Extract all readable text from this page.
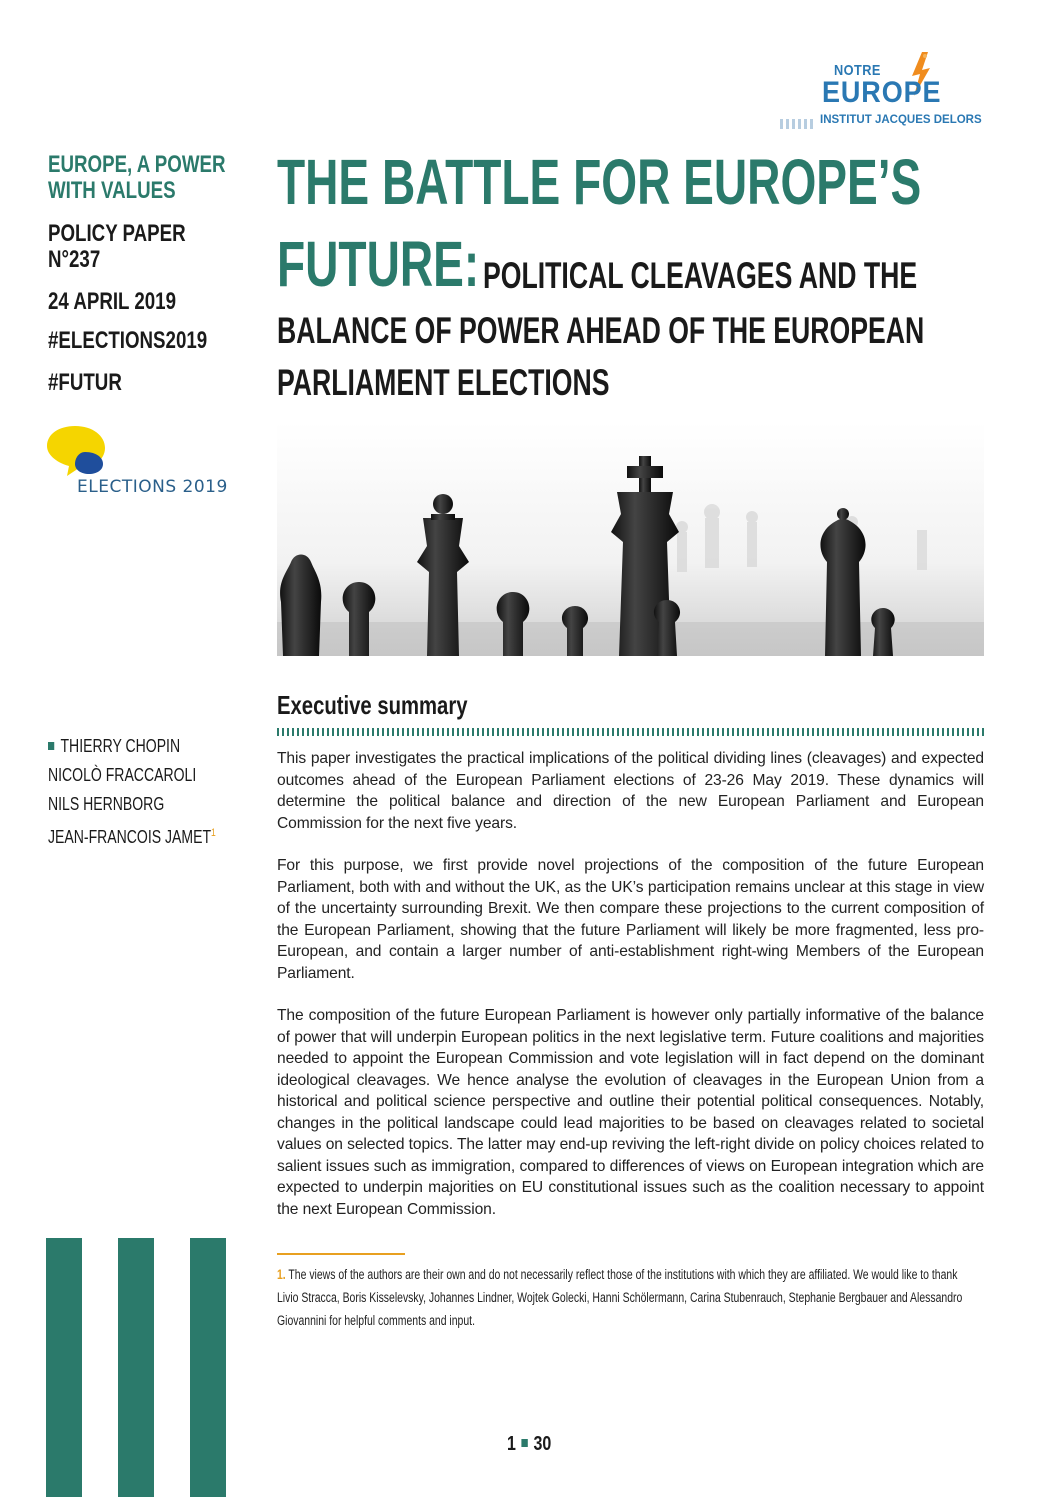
NOTRE
EUROPE
INSTITUT JACQUES DELORS
EUROPE, A POWER
WITH VALUES
POLICY PAPER
N°237
24 APRIL 2019
#ELECTIONS2019
#FUTUR
ELECTIONS 2019
THIERRY CHOPIN
NICOLÒ FRACCAROLI
NILS HERNBORG
JEAN-FRANCOIS JAMET$^1$
THE BATTLE FOR EUROPE’S
FUTURE: POLITICAL CLEAVAGES AND THE
BALANCE OF POWER AHEAD OF THE EUROPEAN
PARLIAMENT ELECTIONS
Executive summary

This paper investigates the practical implications of the political dividing lines (cleavages) and expected outcomes ahead of the European Parliament elections of 23-26 May 2019. These dynamics will determine the political balance and direction of the new European Parliament and European Commission for the next five years.

For this purpose, we first provide novel projections of the composition of the future European Parliament, both with and without the UK, as the UK’s participation remains unclear at this stage in view of the uncertainty surrounding Brexit. We then compare these projections to the current composition of the European Parliament, showing that the future Parliament will likely be more fragmented, less pro-European, and contain a larger number of anti-establishment right-wing Members of the European Parliament.

The composition of the future European Parliament is however only partially informative of the balance of power that will underpin European politics in the next legislative term. Future coalitions and majorities needed to appoint the European Commission and vote legislation will in fact depend on the dominant ideological cleavages. We hence analyse the evolution of cleavages in the European Union from a historical and political science perspective and outline their potential political consequences. Notably, changes in the political landscape could lead majorities to be based on cleavages related to societal values on selected topics. The latter may end-up reviving the left-right divide on policy choices related to salient issues such as immigration, compared to differences of views on European integration which are expected to underpin majorities on EU constitutional issues such as the coalition necessary to appoint the next European Commission.

1. The views of the authors are their own and do not necessarily reflect those of the institutions with which they are affiliated. We would like to thank Livio Stracca, Boris Kisselevsky, Johannes Lindner, Wojtek Golecki, Hanni Schölermann, Carina Stubenrauch, Stephanie Bergbauer and Alessandro Giovannini for helpful comments and input.
1 30
